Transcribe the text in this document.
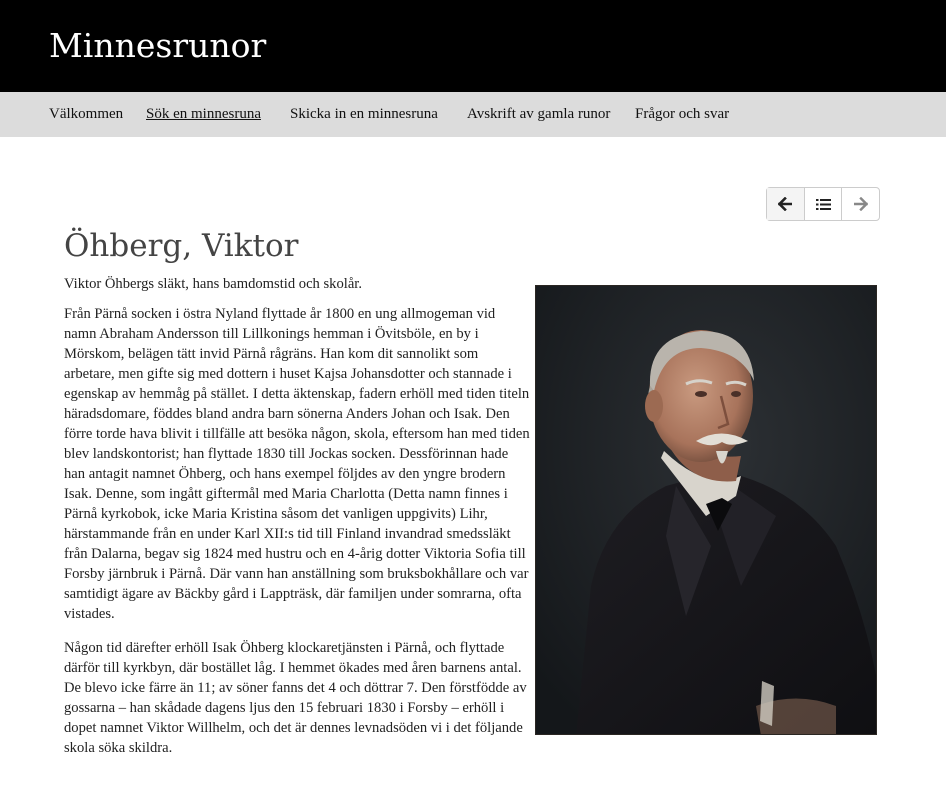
Minnesrunor
Välkommen Sök en minnesruna Skicka in en minnesruna Avskrift av gamla runor Frågor och svar
Öhberg, Viktor

Viktor Öhbergs släkt, hans bamdomstid och skolår.

Från Pärnå socken i östra Nyland flyttade år 1800 en ung allmogeman vid namn Abraham Andersson till Lillkonings hemman i Övitsböle, en by i Mörskom, belägen tätt invid Pärnå rågräns. Han kom dit sannolikt som arbetare, men gifte sig med dottern i huset Kajsa Johansdotter och stannade i egenskap av hemmåg på stället. I detta äktenskap, fadern erhöll med tiden titeln häradsdomare, föddes bland andra barn sönerna Anders Johan och Isak. Den förre torde hava blivit i tillfälle att besöka någon, skola, eftersom han med tiden blev landskontorist; han flyttade 1830 till Jockas socken. Dessförinnan hade han antagit namnet Öhberg, och hans exempel följdes av den yngre brodern Isak. Denne, som ingått giftermål med Maria Charlotta (Detta namn finnes i Pärnå kyrkobok, icke Maria Kristina såsom det vanligen uppgivits) Lihr, härstammande från en under Karl XII:s tid till Finland invandrad smedssläkt från Dalarna, begav sig 1824 med hustru och en 4-årig dotter Viktoria Sofia till Forsby järnbruk i Pärnå. Där vann han anställning som bruksbokhållare och var samtidigt ägare av Bäckby gård i Lappträsk, där familjen under somrarna, ofta vistades.

Någon tid därefter erhöll Isak Öhberg klockaretjänsten i Pärnå, och flyttade därför till kyrkbyn, där bostället låg. I hemmet ökades med åren barnens antal. De blevo icke färre än 11; av söner fanns det 4 och döttrar 7. Den förstfödde av gossarna – han skådade dagens ljus den 15 februari 1830 i Forsby – erhöll i dopet namnet Viktor Willhelm, och det är dennes levnadsöden vi i det följande skola söka skildra.
